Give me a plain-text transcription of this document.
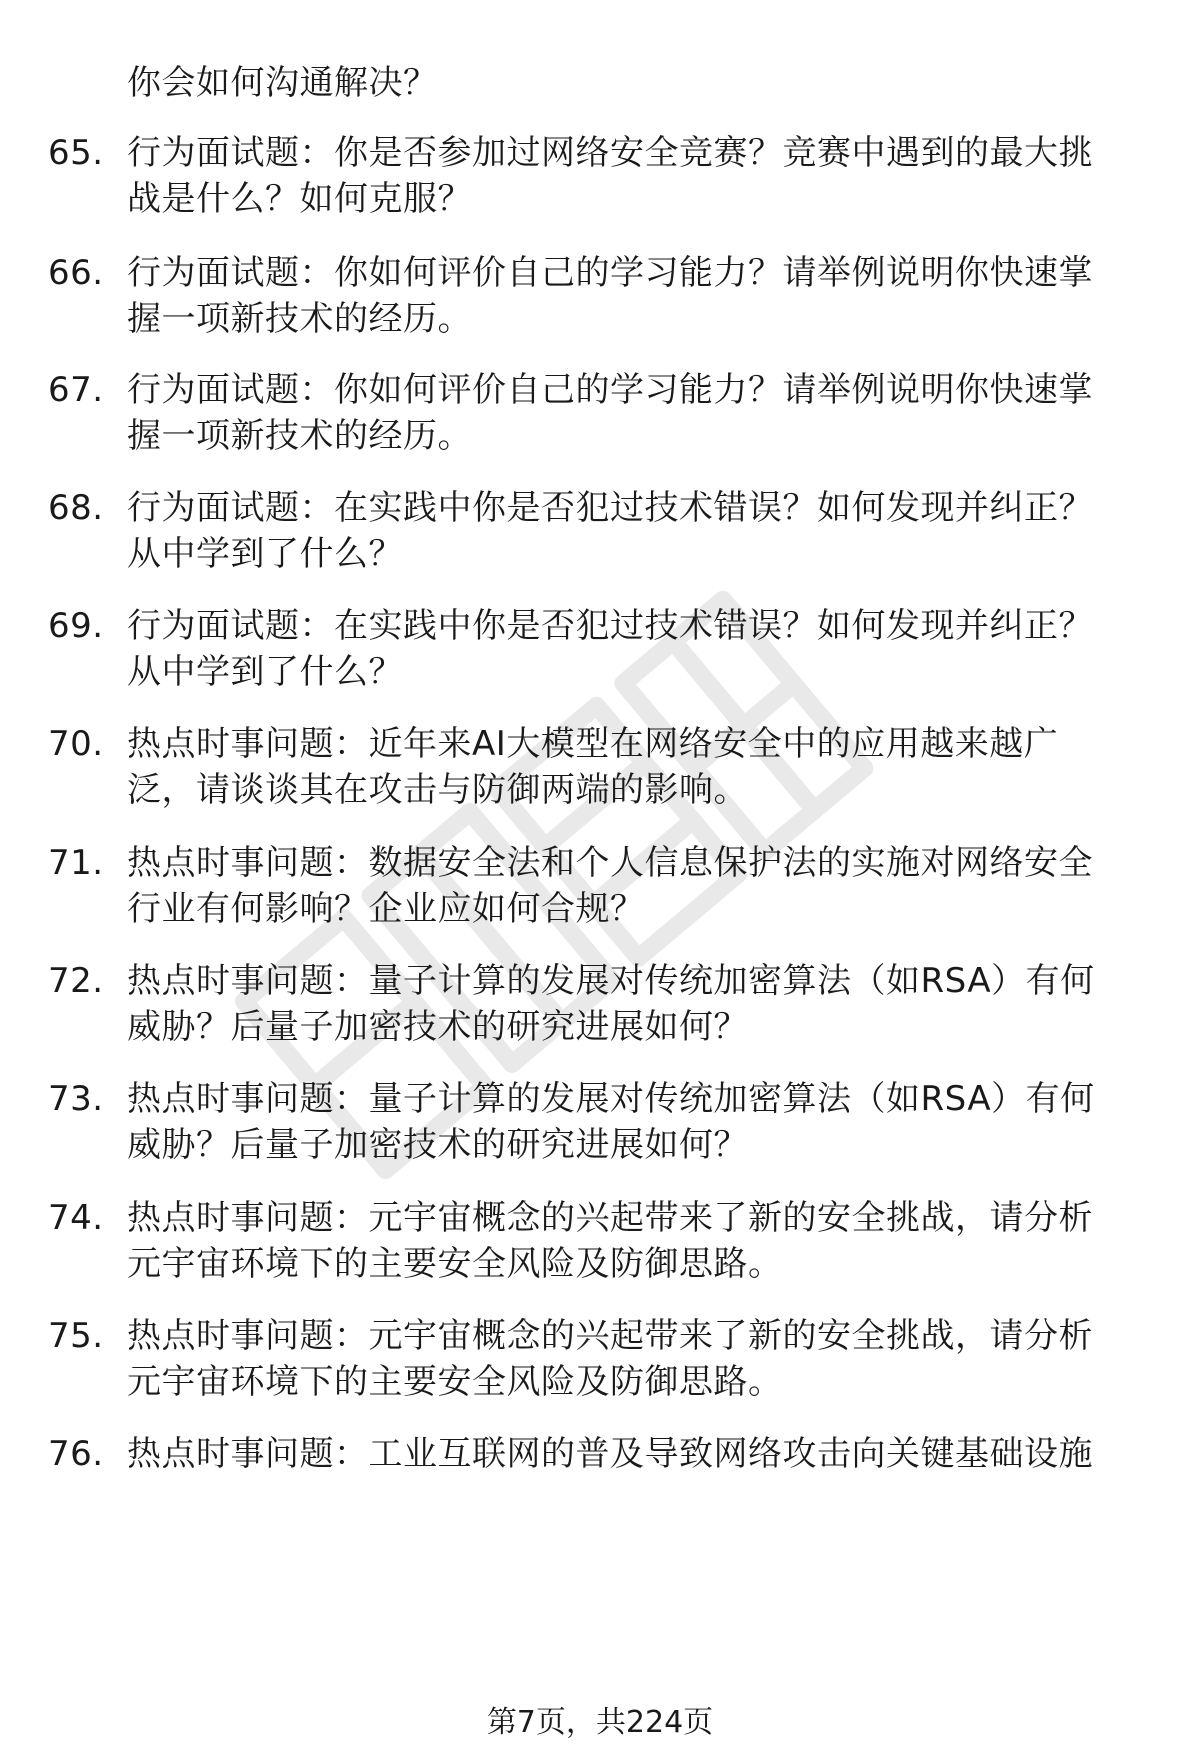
你会如何沟通解决？
65. 行为面试题：你是否参加过网络安全竞赛？竞赛中遇到的最大挑
战是什么？如何克服？
66. 行为面试题：你如何评价自己的学习能力？请举例说明你快速掌
握一项新技术的经历。
67. 行为面试题：你如何评价自己的学习能力？请举例说明你快速掌
握一项新技术的经历。
68. 行为面试题：在实践中你是否犯过技术错误？如何发现并纠正？
从中学到了什么？
69. 行为面试题：在实践中你是否犯过技术错误？如何发现并纠正？
从中学到了什么？
70. 热点时事问题：近年来AI大模型在网络安全中的应用越来越广
泛，请谈谈其在攻击与防御两端的影响。
71. 热点时事问题：数据安全法和个人信息保护法的实施对网络安全
行业有何影响？企业应如何合规？
72. 热点时事问题：量子计算的发展对传统加密算法（如RSA）有何
威胁？后量子加密技术的研究进展如何？
73. 热点时事问题：量子计算的发展对传统加密算法（如RSA）有何
威胁？后量子加密技术的研究进展如何？
74. 热点时事问题：元宇宙概念的兴起带来了新的安全挑战，请分析
元宇宙环境下的主要安全风险及防御思路。
75. 热点时事问题：元宇宙概念的兴起带来了新的安全挑战，请分析
元宇宙环境下的主要安全风险及防御思路。
76. 热点时事问题：工业互联网的普及导致网络攻击向关键基础设施
第7页，共224页
